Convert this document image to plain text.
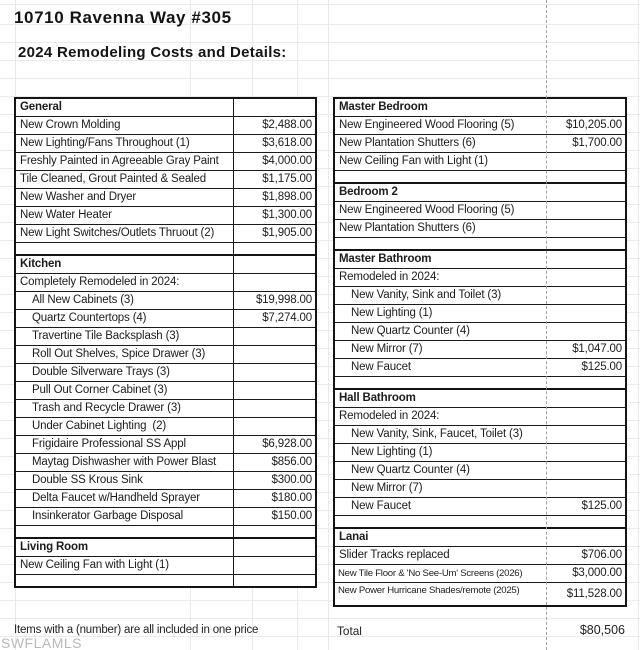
10710 Ravenna Way #305
2024 Remodeling Costs and Details:
General	

New Crown Molding	$2,488.00

New Lighting/Fans Throughout (1)	$3,618.00

Freshly Painted in Agreeable Gray Paint	$4,000.00

Tile Cleaned, Grout Painted & Sealed	$1,175.00

New Washer and Dryer	$1,898.00

New Water Heater	$1,300.00

New Light Switches/Outlets Thruout (2)	$1,905.00

Kitchen	

Completely Remodeled in 2024:	

All New Cabinets (3)	$19,998.00

Quartz Countertops (4)	$7,274.00

Travertine Tile Backsplash (3)	

Roll Out Shelves, Spice Drawer (3)	

Double Silverware Trays (3)	

Pull Out Corner Cabinet (3)	

Trash and Recycle Drawer (3)	

Under Cabinet Lighting  (2)	

Frigidaire Professional SS Appl	$6,928.00

Maytag Dishwasher with Power Blast	$856.00

Double SS Krous Sink	$300.00

Delta Faucet w/Handheld Sprayer	$180.00

Insinkerator Garbage Disposal	$150.00

Living Room	

New Ceiling Fan with Light (1)	

Master Bedroom	

New Engineered Wood Flooring (5)	$10,205.00

New Plantation Shutters (6)	$1,700.00

New Ceiling Fan with Light (1)	

Bedroom 2	

New Engineered Wood Flooring (5)	

New Plantation Shutters (6)	

Master Bathroom	

Remodeled in 2024:	

New Vanity, Sink and Toilet (3)	

New Lighting (1)	

New Quartz Counter (4)	

New Mirror (7)	$1,047.00

New Faucet	$125.00

Hall Bathroom	

Remodeled in 2024:	

New Vanity, Sink, Faucet, Toilet (3)	

New Lighting (1)	

New Quartz Counter (4)	

New Mirror (7)	

New Faucet	$125.00

Lanai	

Slider Tracks replaced	$706.00

New Tile Floor & 'No See-Um' Screens (2026)	$3,000.00

New Power Hurricane Shades/remote (2025)	$11,528.00
Items with a (number) are all included in one price	Total	$80,506
SWFLAMLS
